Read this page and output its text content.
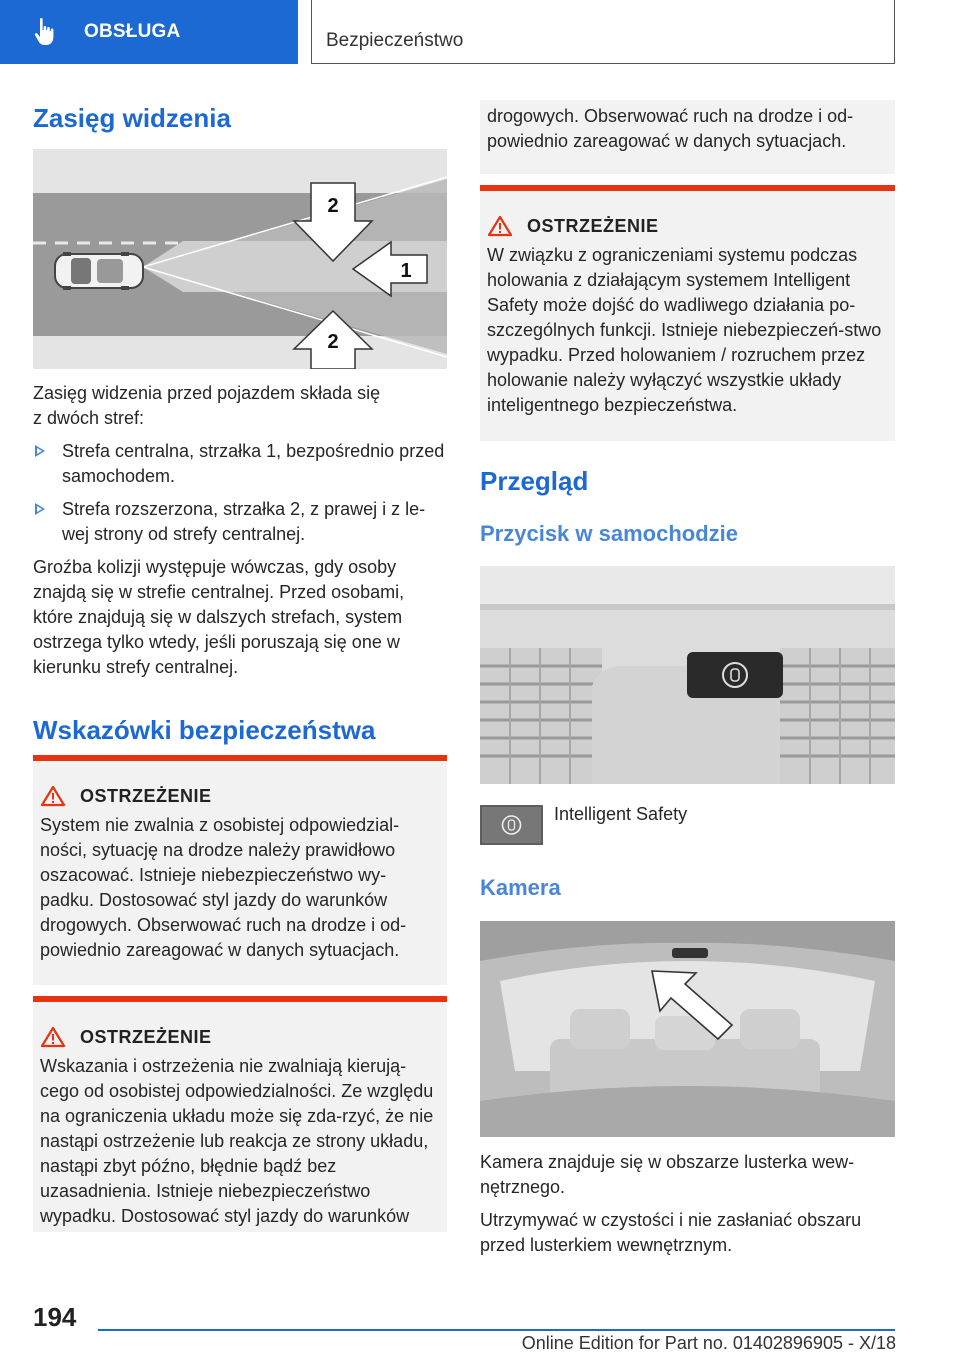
OBSŁUGA	Bezpieczeństwo
Zasięg widzenia
2
1
2

Zasięg widzenia przed pojazdem składa się
z dwóch stref:

Strefa centralna, strzałka 1, bezpośrednio przed samochodem.
Strefa rozszerzona, strzałka 2, z prawej i z le-wej strony od strefy centralnej.

Groźba kolizji występuje wówczas, gdy osoby znajdą się w strefie centralnej. Przed osobami, które znajdują się w dalszych strefach, system ostrzega tylko wtedy, jeśli poruszają się one w kierunku strefy centralnej.

Wskazówki bezpieczeństwa
OSTRZEŻENIE
System nie zwalnia z osobistej odpowiedzial-ności, sytuację na drodze należy prawidłowo oszacować. Istnieje niebezpieczeństwo wy-padku. Dostosować styl jazdy do warunków drogowych. Obserwować ruch na drodze i od-powiednio zareagować w danych sytuacjach.
OSTRZEŻENIE
Wskazania i ostrzeżenia nie zwalniają kierują-cego od osobistej odpowiedzialności. Ze względu na ograniczenia układu może się zda-rzyć, że nie nastąpi ostrzeżenie lub reakcja ze strony układu, nastąpi zbyt późno, błędnie bądź bez uzasadnienia. Istnieje niebezpieczeństwo wypadku. Dostosować styl jazdy do warunków
drogowych. Obserwować ruch na drodze i od-powiednio zareagować w danych sytuacjach.
OSTRZEŻENIE
W związku z ograniczeniami systemu podczas holowania z działającym systemem Intelligent Safety może dojść do wadliwego działania po-szczególnych funkcji. Istnieje niebezpieczeń-stwo wypadku. Przed holowaniem / rozruchem przez holowanie należy wyłączyć wszystkie układy inteligentnego bezpieczeństwa.
Przegląd
Przycisk w samochodzie
Intelligent Safety
Kamera

Kamera znajduje się w obszarze lusterka wew-nętrznego.

Utrzymywać w czystości i nie zasłaniać obszaru przed lusterkiem wewnętrznym.

194
Online Edition for Part no. 01402896905 - X/18
